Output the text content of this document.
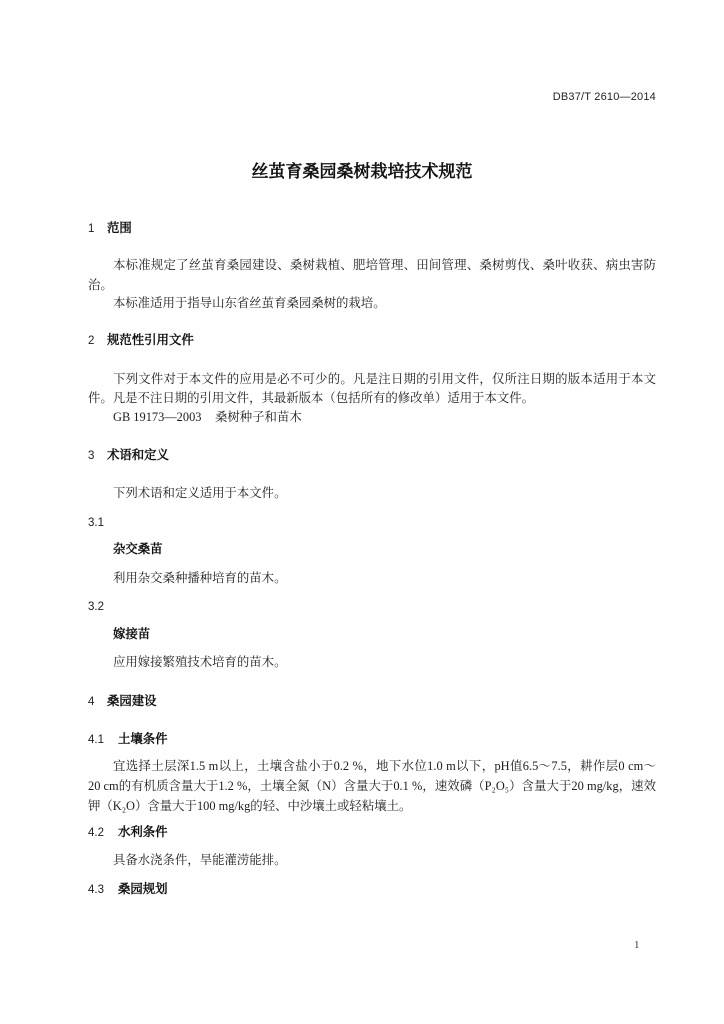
DB37/T 2610—2014
丝茧育桑园桑树栽培技术规范
1 范围
本标准规定了丝茧育桑园建设、桑树栽植、肥培管理、田间管理、桑树剪伐、桑叶收获、病虫害防
治。
本标准适用于指导山东省丝茧育桑园桑树的栽培。
2 规范性引用文件
下列文件对于本文件的应用是必不可少的。凡是注日期的引用文件，仅所注日期的版本适用于本文
件。凡是不注日期的引用文件，其最新版本（包括所有的修改单）适用于本文件。
GB 19173—2003 桑树种子和苗木
3 术语和定义
下列术语和定义适用于本文件。
3.1
杂交桑苗
利用杂交桑种播种培育的苗木。
3.2
嫁接苗
应用嫁接繁殖技术培育的苗木。
4 桑园建设
4.1 土壤条件
宜选择土层深1.5 m以上，土壤含盐小于0.2 %，地下水位1.0 m以下，pH值6.5～7.5，耕作层0 cm～
20 cm的有机质含量大于1.2 %，土壤全氮（N）含量大于0.1 %，速效磷（P₂O₅）含量大于20 mg/kg，速效
钾（K₂O）含量大于100 mg/kg的轻、中沙壤土或轻粘壤土。
4.2 水利条件
具备水浇条件，旱能灌涝能排。
4.3 桑园规划
1
